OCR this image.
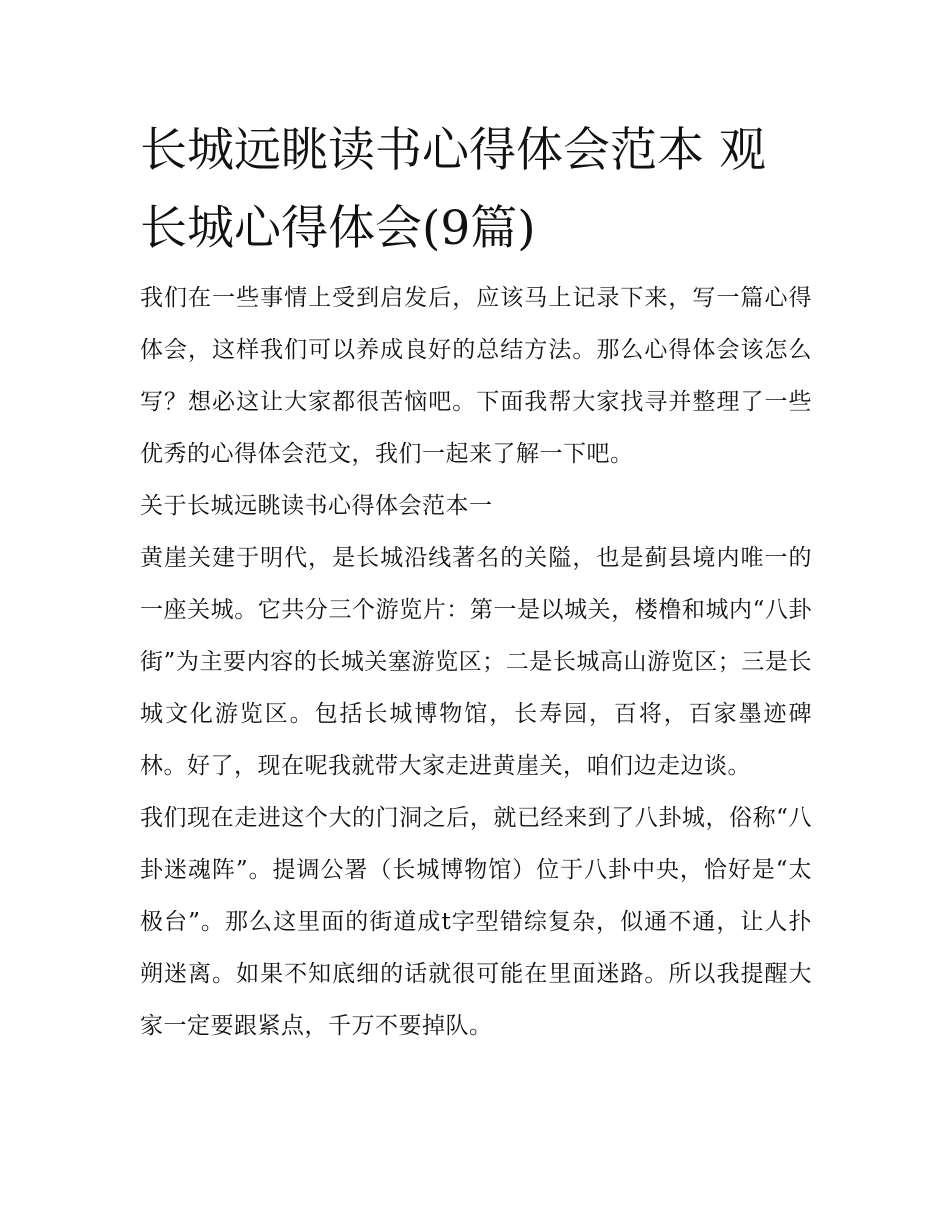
长城远眺读书心得体会范本 观长城心得体会(9篇)

我们在一些事情上受到启发后，应该马上记录下来，写一篇心得体会，这样我们可以养成良好的总结方法。那么心得体会该怎么写？想必这让大家都很苦恼吧。下面我帮大家找寻并整理了一些优秀的心得体会范文，我们一起来了解一下吧。

关于长城远眺读书心得体会范本一

黄崖关建于明代，是长城沿线著名的关隘，也是蓟县境内唯一的一座关城。它共分三个游览片：第一是以城关，楼橹和城内“八卦街”为主要内容的长城关塞游览区；二是长城高山游览区；三是长城文化游览区。包括长城博物馆，长寿园，百将，百家墨迹碑林。好了，现在呢我就带大家走进黄崖关，咱们边走边谈。

我们现在走进这个大的门洞之后，就已经来到了八卦城，俗称“八卦迷魂阵”。提调公署（长城博物馆）位于八卦中央，恰好是“太极台”。那么这里面的街道成t字型错综复杂，似通不通，让人扑朔迷离。如果不知底细的话就很可能在里面迷路。所以我提醒大家一定要跟紧点，千万不要掉队。
